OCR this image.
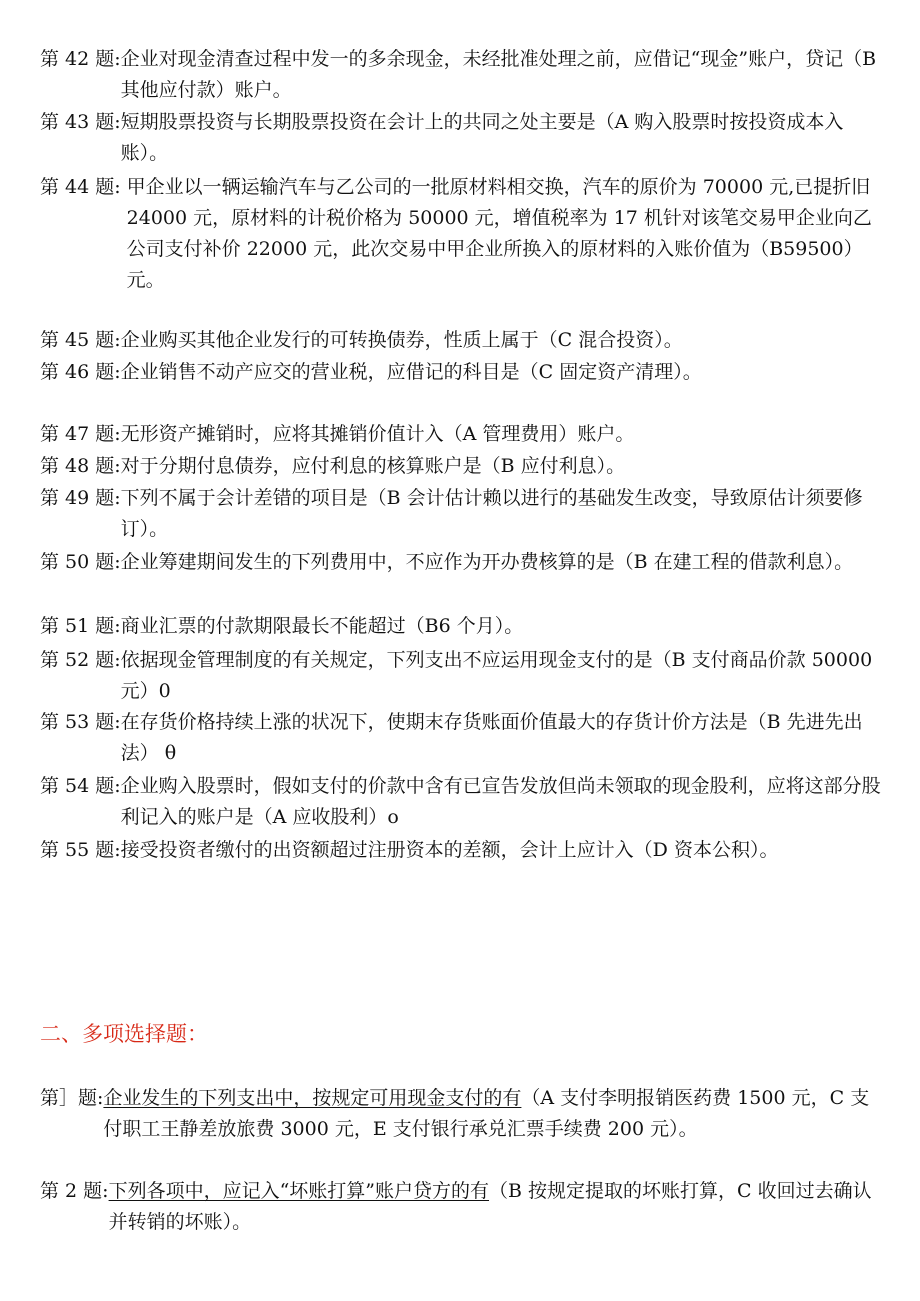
第 42 题: 企业对现金清查过程中发一的多余现金，未经批准处理之前，应借记“现金”账户，贷记（B 其他应付款）账户。
第 43 题: 短期股票投资与长期股票投资在会计上的共同之处主要是（A 购入股票时按投资成本入账）。
第 44 题: 甲企业以一辆运输汽车与乙公司的一批原材料相交换，汽车的原价为 70000 元,已提折旧 24000 元，原材料的计税价格为 50000 元，增值税率为 17 机针对该笔交易甲企业向乙公司支付补价 22000 元，此次交易中甲企业所换入的原材料的入账价值为（B59500）元。
第 45 题: 企业购买其他企业发行的可转换债券，性质上属于（C 混合投资）。
第 46 题: 企业销售不动产应交的营业税，应借记的科目是（C 固定资产清理）。
第 47 题: 无形资产摊销时，应将其摊销价值计入（A 管理费用）账户。
第 48 题: 对于分期付息债券，应付利息的核算账户是（B 应付利息）。
第 49 题: 下列不属于会计差错的项目是（B 会计估计赖以进行的基础发生改变，导致原估计须要修订）。
第 50 题: 企业筹建期间发生的下列费用中，不应作为开办费核算的是（B 在建工程的借款利息）。
第 51 题: 商业汇票的付款期限最长不能超过（B6 个月）。
第 52 题: 依据现金管理制度的有关规定，下列支出不应运用现金支付的是（B 支付商品价款 50000 元）0
第 53 题: 在存货价格持续上涨的状况下，使期末存货账面价值最大的存货计价方法是（B 先进先出法） θ
第 54 题: 企业购入股票时，假如支付的价款中含有已宣告发放但尚未领取的现金股利，应将这部分股利记入的账户是（A 应收股利）o
第 55 题: 接受投资者缴付的出资额超过注册资本的差额，会计上应计入（D 资本公积）。
二、多项选择题：
第］题: 企业发生的下列支出中，按规定可用现金支付的有（A 支付李明报销医药费 1500 元，C 支付职工王静差放旅费 3000 元，E 支付银行承兑汇票手续费 200 元）。
第 2 题: 下列各项中，应记入“坏账打算”账户贷方的有（B 按规定提取的坏账打算，C 收回过去确认并转销的坏账）。
